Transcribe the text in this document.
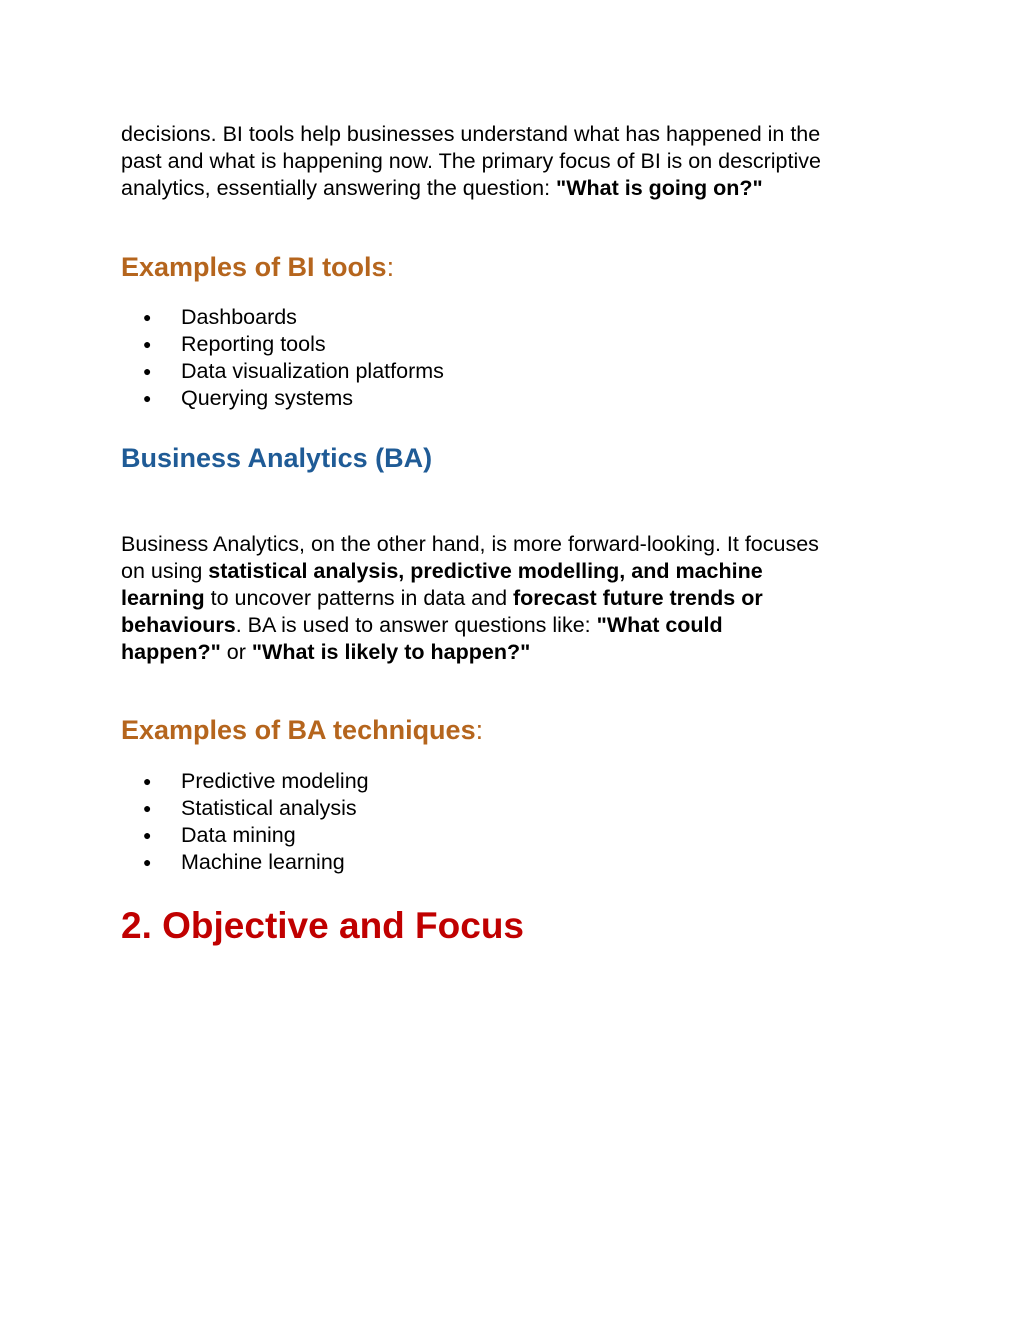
decisions. BI tools help businesses understand what has happened in the
past and what is happening now. The primary focus of BI is on descriptive
analytics, essentially answering the question: "What is going on?"

Examples of BI tools:
● Dashboards
● Reporting tools
● Data visualization platforms
● Querying systems
Business Analytics (BA)

Business Analytics, on the other hand, is more forward-looking. It focuses
on using statistical analysis, predictive modelling, and machine
learning to uncover patterns in data and forecast future trends or
behaviours. BA is used to answer questions like: "What could
happen?" or "What is likely to happen?"

Examples of BA techniques:
● Predictive modeling
● Statistical analysis
● Data mining
● Machine learning
2. Objective and Focus
